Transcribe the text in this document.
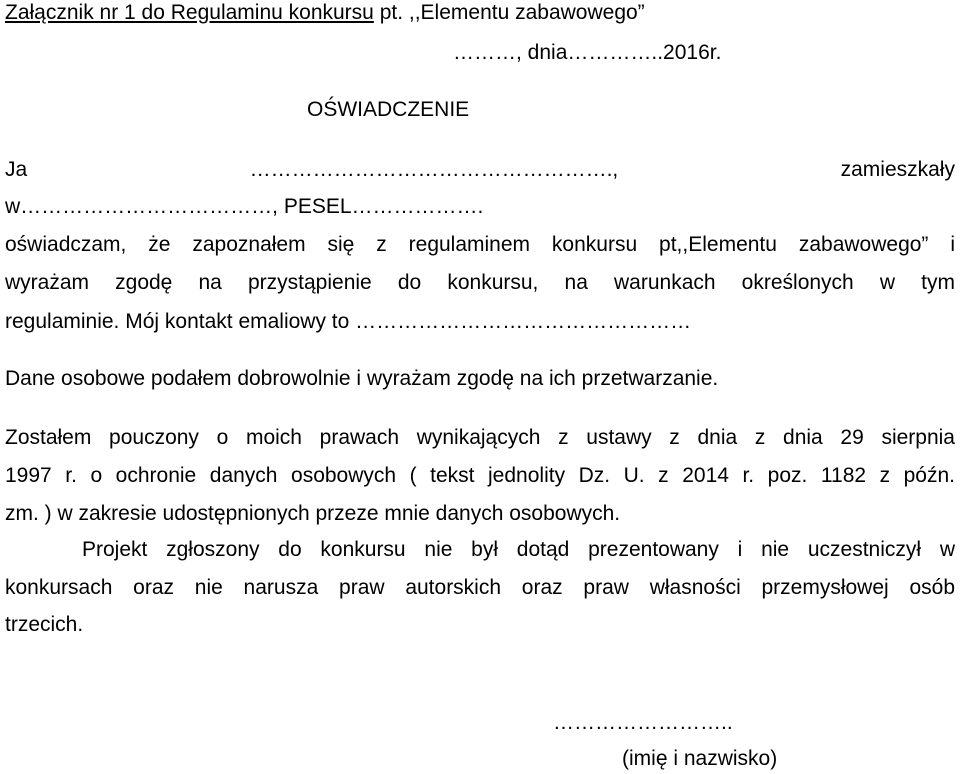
Załącznik nr 1 do Regulaminu konkursu pt. ,,Elementu zabawowego”

………, dnia…………..2016r.

OŚWIADCZENIE

Ja	…………………………………………….,	zamieszkały

w………………………………, PESEL……………….

oświadczam, że zapoznałem się z regulaminem konkursu pt,,Elementu zabawowego” i

wyrażam zgodę na przystąpienie do konkursu, na warunkach określonych w tym

regulaminie. Mój kontakt emaliowy to …………………………………………

Dane osobowe podałem dobrowolnie i wyrażam zgodę na ich przetwarzanie.

Zostałem pouczony o moich prawach wynikających z ustawy z dnia z dnia 29 sierpnia

1997 r. o ochronie danych osobowych ( tekst jednolity Dz. U. z 2014 r. poz. 1182 z późn.

zm. ) w zakresie udostępnionych przeze mnie danych osobowych.

Projekt zgłoszony do konkursu nie był dotąd prezentowany i nie uczestniczył w

konkursach oraz nie narusza praw autorskich oraz praw własności przemysłowej osób

trzecich.

……………………..

(imię i nazwisko)
